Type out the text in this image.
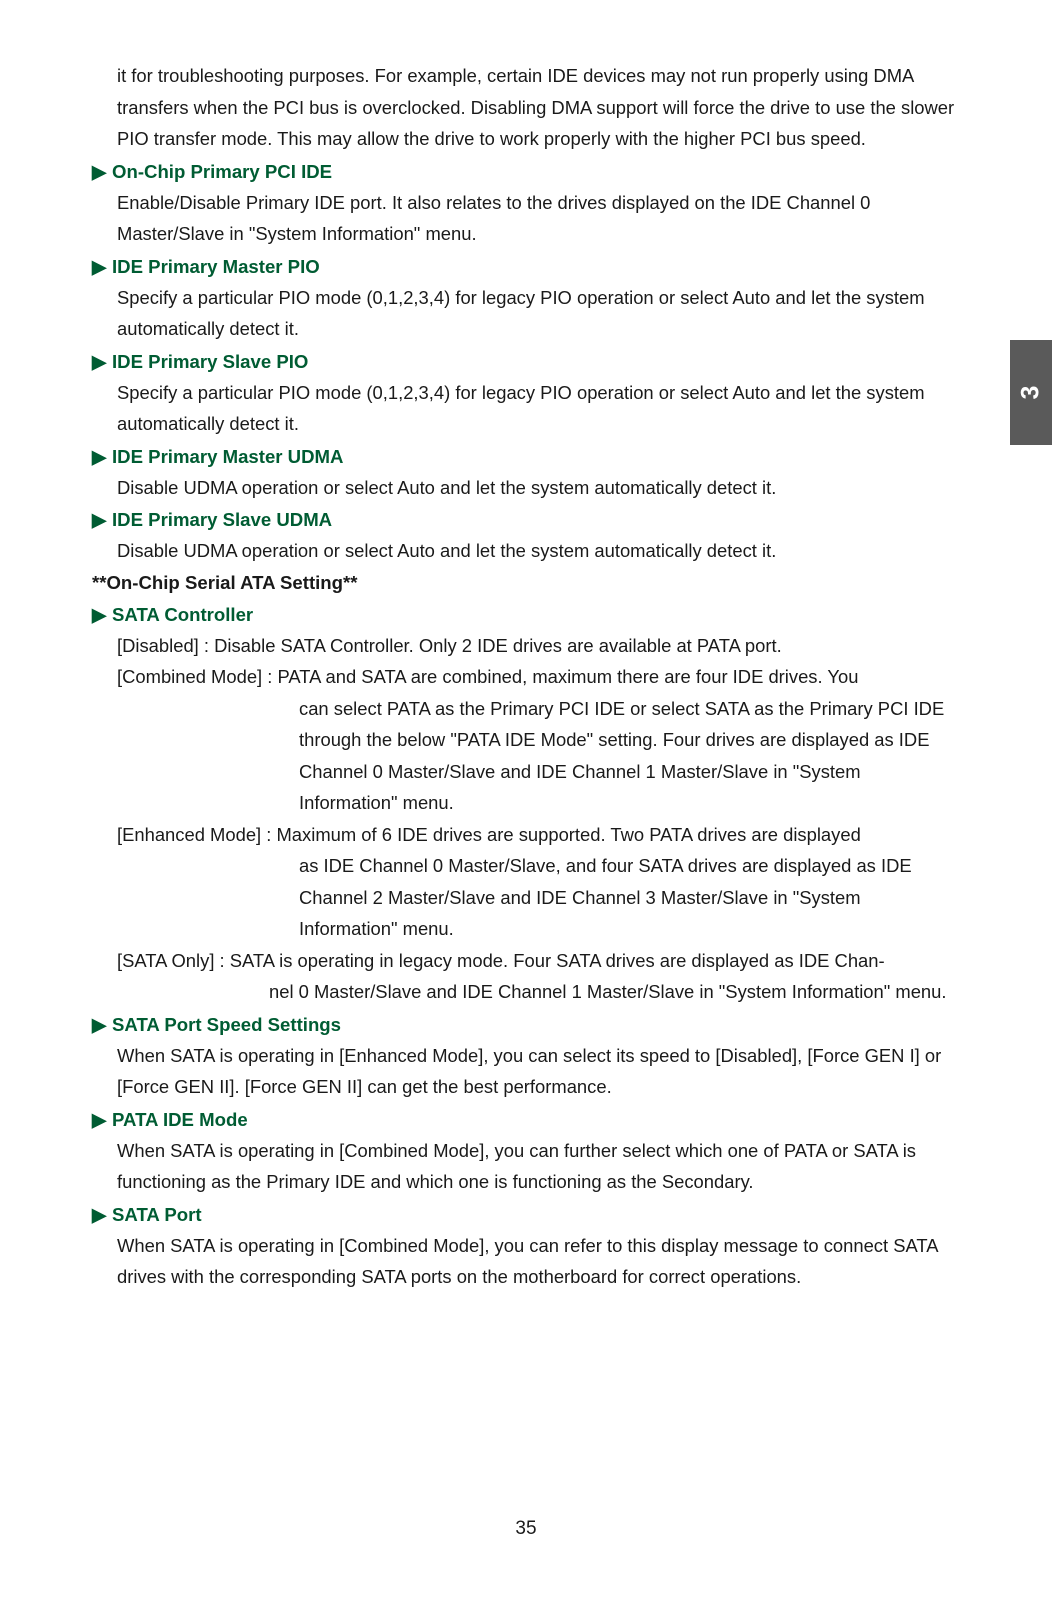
3

it for troubleshooting purposes. For example, certain IDE devices may not run properly using DMA transfers when the PCI bus is overclocked. Disabling DMA support will force the drive to use the slower PIO transfer mode. This may allow the drive to work properly with the higher PCI bus speed.

▶ On-Chip Primary PCI IDE

Enable/Disable Primary IDE port. It also relates to the drives displayed on the IDE Channel 0 Master/Slave in "System Information" menu.

▶ IDE Primary Master PIO

Specify a particular PIO mode (0,1,2,3,4) for legacy PIO operation or select Auto and let the system automatically detect it.

▶ IDE Primary Slave PIO

Specify a particular PIO mode (0,1,2,3,4) for legacy PIO operation or select Auto and let the system automatically detect it.

▶ IDE Primary Master UDMA

Disable UDMA operation or select Auto and let the system automatically detect it.

▶ IDE Primary Slave UDMA

Disable UDMA operation or select Auto and let the system automatically detect it.

**On-Chip Serial ATA Setting**

▶ SATA Controller

[Disabled] : Disable SATA Controller. Only 2 IDE drives are available at PATA port.

[Combined Mode] : PATA and SATA are combined, maximum there are four IDE drives. You
can select PATA as the Primary PCI IDE or select SATA as the Primary PCI IDE through the below "PATA IDE Mode" setting. Four drives are displayed as IDE Channel 0 Master/Slave and IDE Channel 1 Master/Slave in "System Information" menu.

[Enhanced Mode] : Maximum of 6 IDE drives are supported. Two PATA drives are displayed
as IDE Channel 0 Master/Slave, and four SATA drives are displayed as IDE Channel 2 Master/Slave and IDE Channel 3 Master/Slave in "System Information" menu.

[SATA Only] : SATA is operating in legacy mode. Four SATA drives are displayed as IDE Chan-
nel 0 Master/Slave and IDE Channel 1 Master/Slave in "System Information" menu.

▶ SATA Port Speed Settings

When SATA is operating in [Enhanced Mode], you can select its speed to [Disabled], [Force GEN I] or [Force GEN II]. [Force GEN II] can get the best performance.

▶ PATA IDE Mode

When SATA is operating in [Combined Mode], you can further select which one of PATA or SATA is functioning as the Primary IDE and which one is functioning as the Secondary.

▶ SATA Port

When SATA is operating in [Combined Mode], you can refer to this display message to connect SATA drives with the corresponding SATA ports on the motherboard for correct operations.

35
